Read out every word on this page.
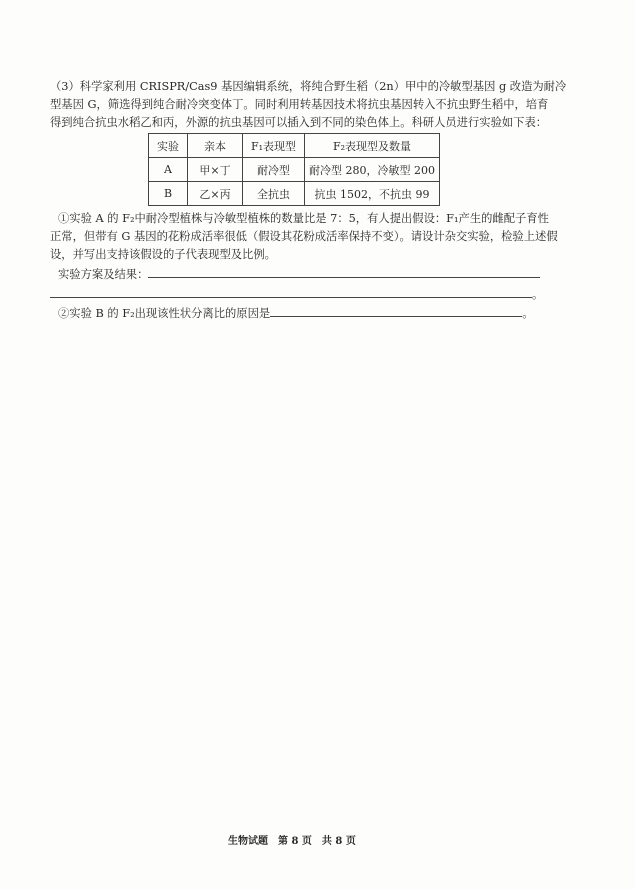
（3）科学家利用 CRISPR/Cas9 基因编辑系统，将纯合野生稻（2n）甲中的冷敏型基因 g 改造为耐冷
型基因 G，筛选得到纯合耐冷突变体丁。同时利用转基因技术将抗虫基因转入不抗虫野生稻中，培育
得到纯合抗虫水稻乙和丙，外源的抗虫基因可以插入到不同的染色体上。科研人员进行实验如下表：
实验	亲本	F₁表现型	F₂表现型及数量
A	甲×丁	耐冷型	耐冷型 280，冷敏型 200
B	乙×丙	全抗虫	抗虫 1502，不抗虫 99
①实验 A 的 F₂中耐冷型植株与冷敏型植株的数量比是 7：5，有人提出假设：F₁产生的雌配子育性
正常，但带有 G 基因的花粉成活率很低（假设其花粉成活率保持不变）。请设计杂交实验，检验上述假
设，并写出支持该假设的子代表现型及比例。
实验方案及结果：
。
②实验 B 的 F₂出现该性状分离比的原因是	。
生物试题　第 8 页　共 8 页
